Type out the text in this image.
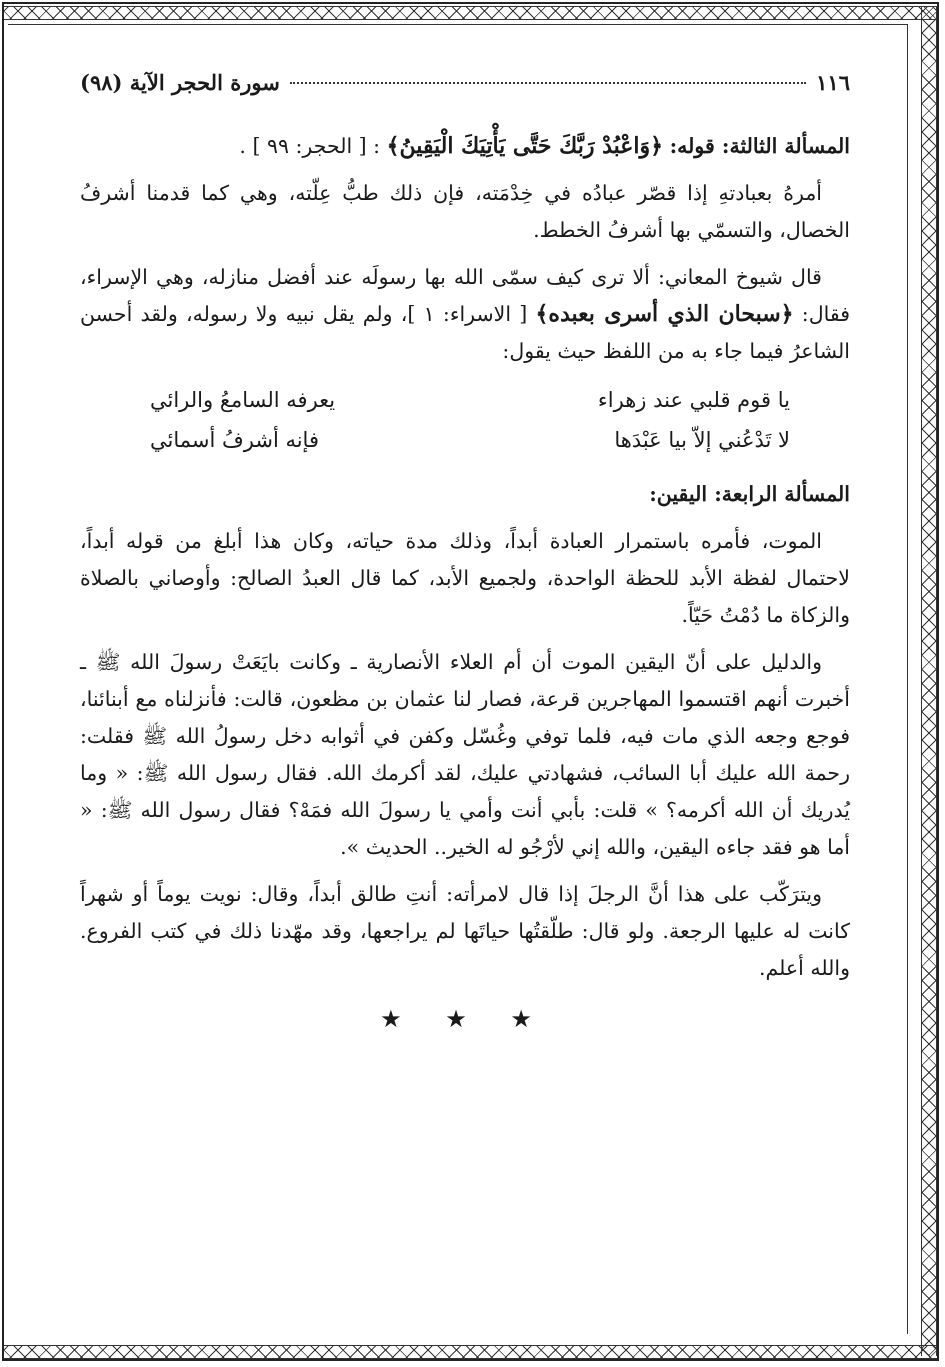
١١٦
سورة الحجر الآية (٩٨)

المسألة الثالثة: قوله: ﴿وَاعْبُدْ رَبَّكَ حَتَّى يَأْتِيَكَ الْيَقِينُ﴾ : [ الحجر: ٩٩ ] .

أمرهُ بعبادتهِ إذا قصّر عبادُه في خِدْمَته، فإن ذلك طبُّ عِلّته، وهي كما قدمنا أشرفُ الخصال، والتسمّي بها أشرفُ الخطط.

قال شيوخ المعاني: ألا ترى كيف سمّى الله بها رسولَه عند أفضل منازله، وهي الإسراء، فقال: ﴿سبحان الذي أسرى بعبده﴾ [ الاسراء: ١ ]، ولم يقل نبيه ولا رسوله، ولقد أحسن الشاعرُ فيما جاء به من اللفظ حيث يقول:

يا قوم قلبي عند زهراء
يعرفه السامعُ والرائي
لا تَدْعُني إلاّ بيا عَبْدَها
فإنه أشرفُ أسمائي

المسألة الرابعة: اليقين:

الموت، فأمره باستمرار العبادة أبداً، وذلك مدة حياته، وكان هذا أبلغ من قوله أبداً، لاحتمال لفظة الأبد للحظة الواحدة، ولجميع الأبد، كما قال العبدُ الصالح: وأوصاني بالصلاة والزكاة ما دُمْتُ حَيّاً.

والدليل على أنّ اليقين الموت أن أم العلاء الأنصارية ـ وكانت بايَعَتْ رسولَ الله ﷺ ـ أخبرت أنهم اقتسموا المهاجرين قرعة، فصار لنا عثمان بن مظعون، قالت: فأنزلناه مع أبنائنا، فوجع وجعه الذي مات فيه، فلما توفي وغُسّل وكفن في أثوابه دخل رسولُ الله ﷺ فقلت: رحمة الله عليك أبا السائب، فشهادتي عليك، لقد أكرمك الله. فقال رسول الله ﷺ: « وما يُدريك أن الله أكرمه؟ » قلت: بأبي أنت وأمي يا رسولَ الله فمَهْ؟ فقال رسول الله ﷺ: « أما هو فقد جاءه اليقين، والله إني لأرْجُو له الخير.. الحديث ».

ويترَكّب على هذا أنَّ الرجلَ إذا قال لامرأته: أنتِ طالق أبداً، وقال: نويت يوماً أو شهراً كانت له عليها الرجعة. ولو قال: طلّقتُها حياتَها لم يراجعها، وقد مهّدنا ذلك في كتب الفروع. والله أعلم.

★ ★ ★
